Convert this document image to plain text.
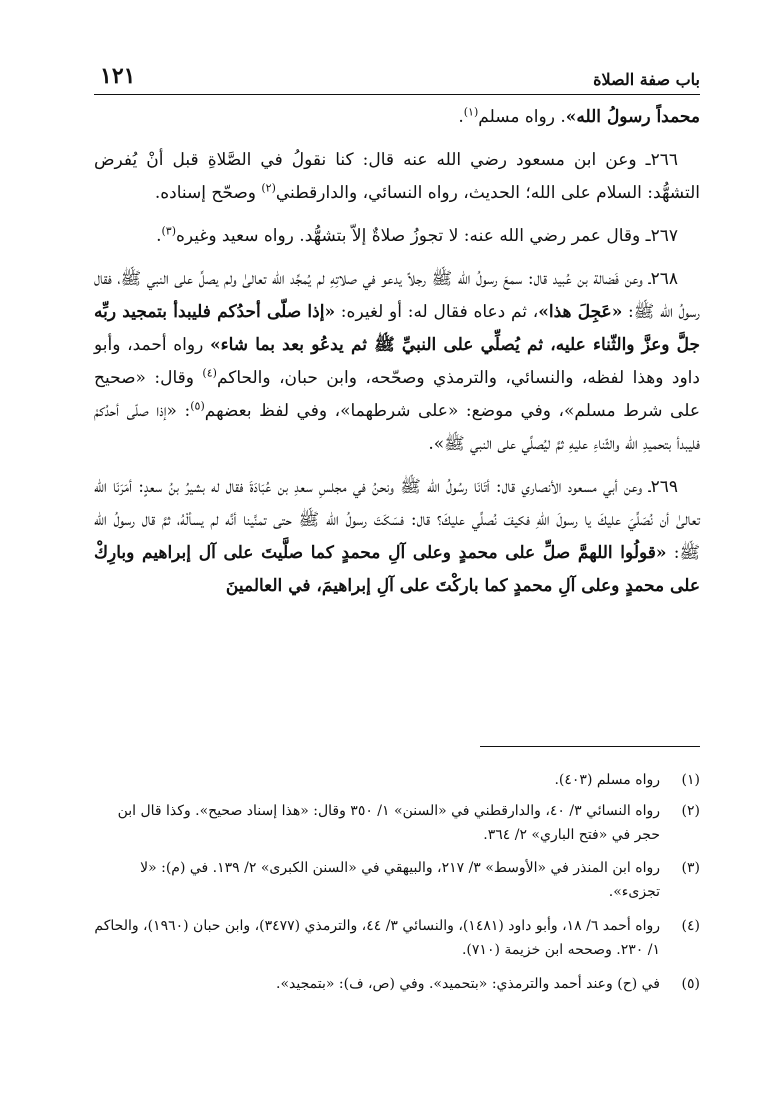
باب صفة الصلاة
١٢١

محمداً رسولُ الله». رواه مسلم$^{(١)}$.

٢٦٦ـ وعن ابن مسعود رضي الله عنه قال: كنا نقولُ في الصَّلاةِ قبل أنْ يُفرض التشهُّد: السلام على الله؛ الحديث، رواه النسائي، والدارقطني$^{(٢)}$ وصحّح إسناده.

٢٦٧ـ وقال عمر رضي الله عنه: لا تجوزُ صلاةٌ إلاّ بتشهُّد. رواه سعيد وغيره$^{(٣)}$.

٢٦٨ـ وعن فَضالة بن عُبيد قال: سمعَ رسولُ الله ﷺ رجلاً يدعو في صلاتِهِ لم يُمجِّد الله تعالىٰ ولم يصلِّ على النبي ﷺ، فقال رسولُ الله ﷺ: «عَجِلَ هذا»، ثم دعاه فقال له: أو لغيره: «إذا صلّى أحدُكم فليبدأ بتمجيد ربِّه جلَّ وعزَّ والثّناء عليه، ثم يُصلِّي على النبيِّ ﷺ ثم يدعُو بعد بما شاء» رواه أحمد، وأبو داود وهذا لفظه، والنسائي، والترمذي وصحّحه، وابن حبان، والحاكم$^{(٤)}$ وقال: «صحيح على شرط مسلم»، وفي موضع: «على شرطهما»، وفي لفظ بعضهم$^{(٥)}$: «إذا صلّى أحدُكمْ فليبدأ بتحميدِ الله والثّناءِ عليهِ ثمَّ ليُصلِّي على النبي ﷺ».

٢٦٩ـ وعن أبي مسعود الأنصاري قال: أتَانَا رسُولُ الله ﷺ ونحنُ في مجلسِ سعدِ بن عُبَادَةَ فقال له بشيرُ بنُ سعدٍ: أمَرَنَا الله تعالىٰ أن نُصَلِّيَ عليكَ يا رسولَ اللهِ فكيفَ نُصلِّي عليكَ؟ قال: فسَكَتَ رسولُ الله ﷺ حتى تمنَّينا أنَّه لم يسألْهُ، ثمَّ قال رسولُ الله ﷺ: «قولُوا اللهمَّ صلِّ على محمدٍ وعلى آلِ محمدٍ كما صلَّيتَ على آل إبراهيم وبارِكْ على محمدٍ وعلى آلِ محمدٍ كما باركْتَ على آلِ إبراهيمَ، في العالمينَ

(١)
رواه مسلم (٤٠٣).
(٢)
رواه النسائي ٣/ ٤٠، والدارقطني في «السنن» ١/ ٣٥٠ وقال: «هذا إسناد صحيح». وكذا قال ابن حجر في «فتح الباري» ٢/ ٣٦٤.
(٣)
رواه ابن المنذر في «الأوسط» ٣/ ٢١٧، والبيهقي في «السنن الكبرى» ٢/ ١٣٩. في (م): «لا تجزىء».
(٤)
رواه أحمد ٦/ ١٨، وأبو داود (١٤٨١)، والنسائي ٣/ ٤٤، والترمذي (٣٤٧٧)، وابن حبان (١٩٦٠)، والحاكم ١/ ٢٣٠. وصححه ابن خزيمة (٧١٠).
(٥)
في (ح) وعند أحمد والترمذي: «بتحميد». وفي (ص، ف): «بتمجيد».
